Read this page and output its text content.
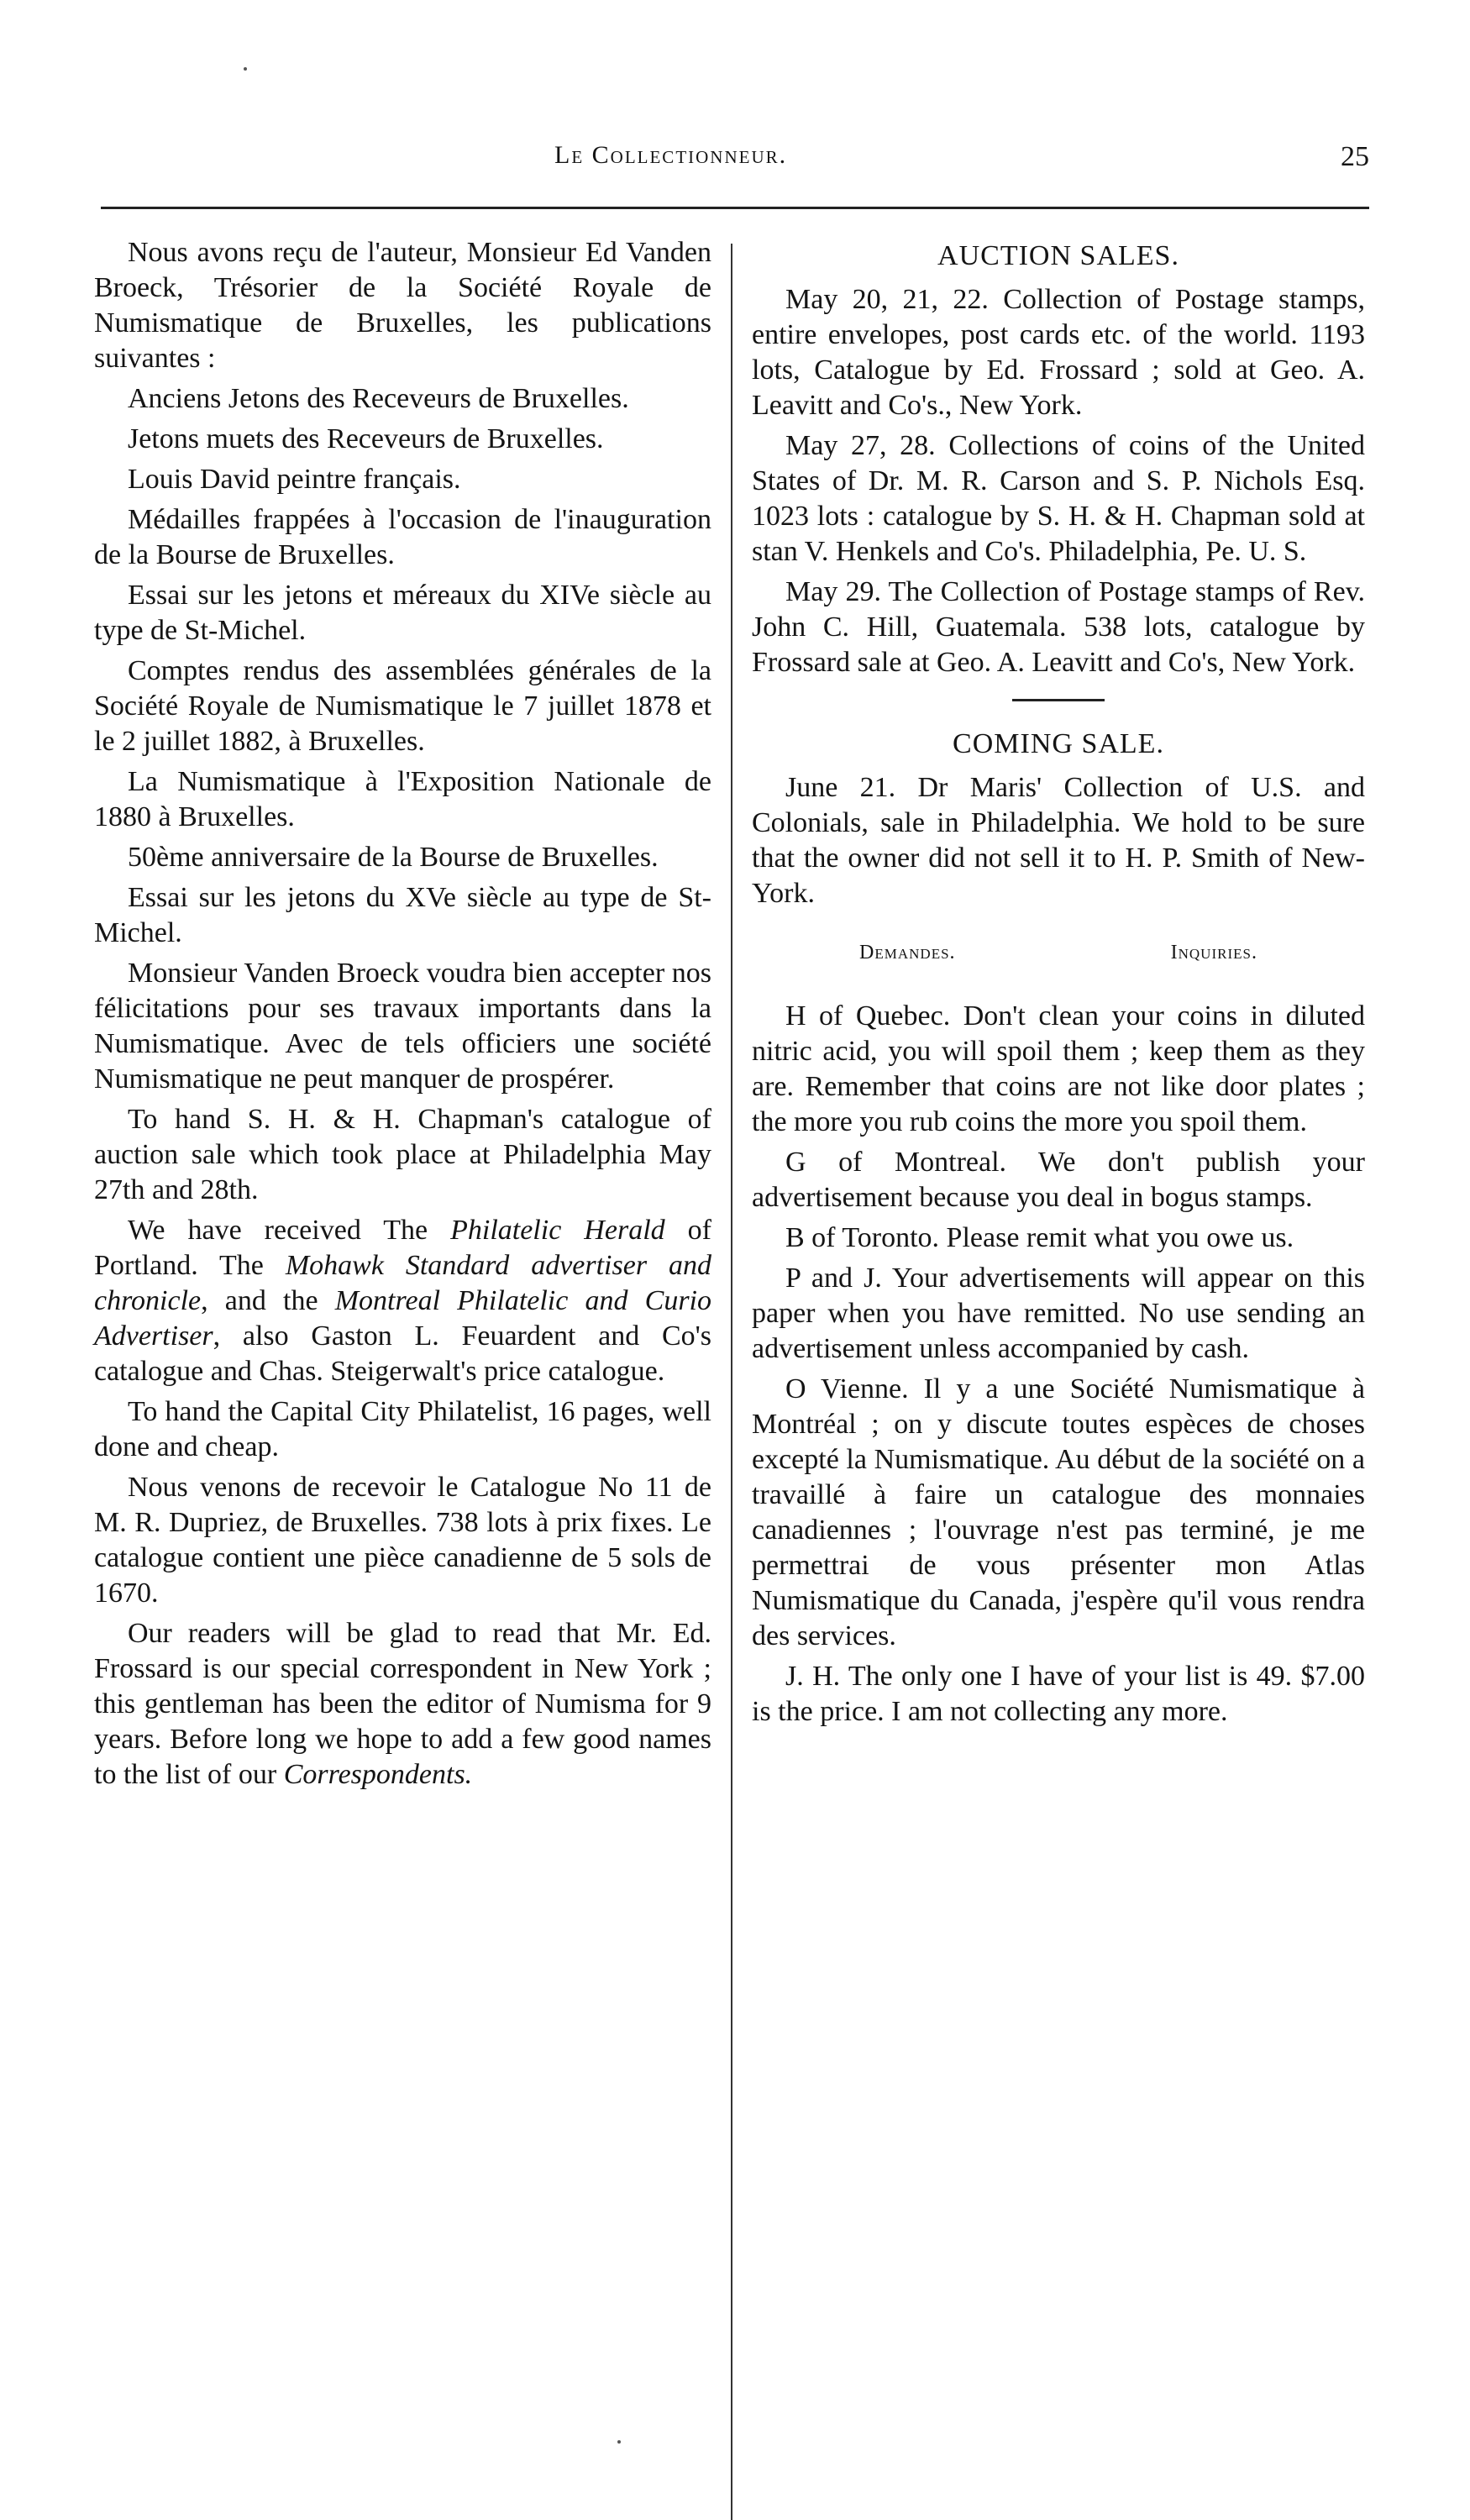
Le Collectionneur.	25

Nous avons reçu de l'auteur, Monsieur Ed Vanden Broeck, Trésorier de la Société Royale de Numismatique de Bruxelles, les publications suivantes :

Anciens Jetons des Receveurs de Bruxelles.

Jetons muets des Receveurs de Bruxelles.

Louis David peintre français.

Médailles frappées à l'occasion de l'inauguration de la Bourse de Bruxelles.

Essai sur les jetons et méreaux du XIVe siècle au type de St-Michel.

Comptes rendus des assemblées générales de la Société Royale de Numismatique le 7 juillet 1878 et le 2 juillet 1882, à Bruxelles.

La Numismatique à l'Exposition Nationale de 1880 à Bruxelles.

50ème anniversaire de la Bourse de Bruxelles.

Essai sur les jetons du XVe siècle au type de St-Michel.

Monsieur Vanden Broeck voudra bien accepter nos félicitations pour ses travaux importants dans la Numismatique. Avec de tels officiers une société Numismatique ne peut manquer de prospérer.

To hand S. H. & H. Chapman's catalogue of auction sale which took place at Philadelphia May 27th and 28th.

We have received The Philatelic Herald of Portland. The Mohawk Standard advertiser and chronicle, and the Montreal Philatelic and Curio Advertiser, also Gaston L. Feuardent and Co's catalogue and Chas. Steigerwalt's price catalogue.

To hand the Capital City Philatelist, 16 pages, well done and cheap.

Nous venons de recevoir le Catalogue No 11 de M. R. Dupriez, de Bruxelles. 738 lots à prix fixes. Le catalogue contient une pièce canadienne de 5 sols de 1670.

Our readers will be glad to read that Mr. Ed. Frossard is our special correspondent in New York ; this gentleman has been the editor of Numisma for 9 years. Before long we hope to add a few good names to the list of our Correspondents.

AUCTION SALES.

May 20, 21, 22. Collection of Postage stamps, entire envelopes, post cards etc. of the world. 1193 lots, Catalogue by Ed. Frossard ; sold at Geo. A. Leavitt and Co's., New York.

May 27, 28. Collections of coins of the United States of Dr. M. R. Carson and S. P. Nichols Esq. 1023 lots : catalogue by S. H. & H. Chapman sold at stan V. Henkels and Co's. Philadelphia, Pe. U. S.

May 29. The Collection of Postage stamps of Rev. John C. Hill, Guatemala. 538 lots, catalogue by Frossard sale at Geo. A. Leavitt and Co's, New York.

COMING SALE.

June 21. Dr Maris' Collection of U.S. and Colonials, sale in Philadelphia. We hold to be sure that the owner did not sell it to H. P. Smith of New-York.

Demandes.	Inquiries.

H of Quebec. Don't clean your coins in diluted nitric acid, you will spoil them ; keep them as they are. Remember that coins are not like door plates ; the more you rub coins the more you spoil them.

G of Montreal. We don't publish your advertisement because you deal in bogus stamps.

B of Toronto. Please remit what you owe us.

P and J. Your advertisements will appear on this paper when you have remitted. No use sending an advertisement unless accompanied by cash.

O Vienne. Il y a une Société Numismatique à Montréal ; on y discute toutes espèces de choses excepté la Numismatique. Au début de la société on a travaillé à faire un catalogue des monnaies canadiennes ; l'ouvrage n'est pas terminé, je me permettrai de vous présenter mon Atlas Numismatique du Canada, j'espère qu'il vous rendra des services.

J. H. The only one I have of your list is 49. $7.00 is the price. I am not collecting any more.
